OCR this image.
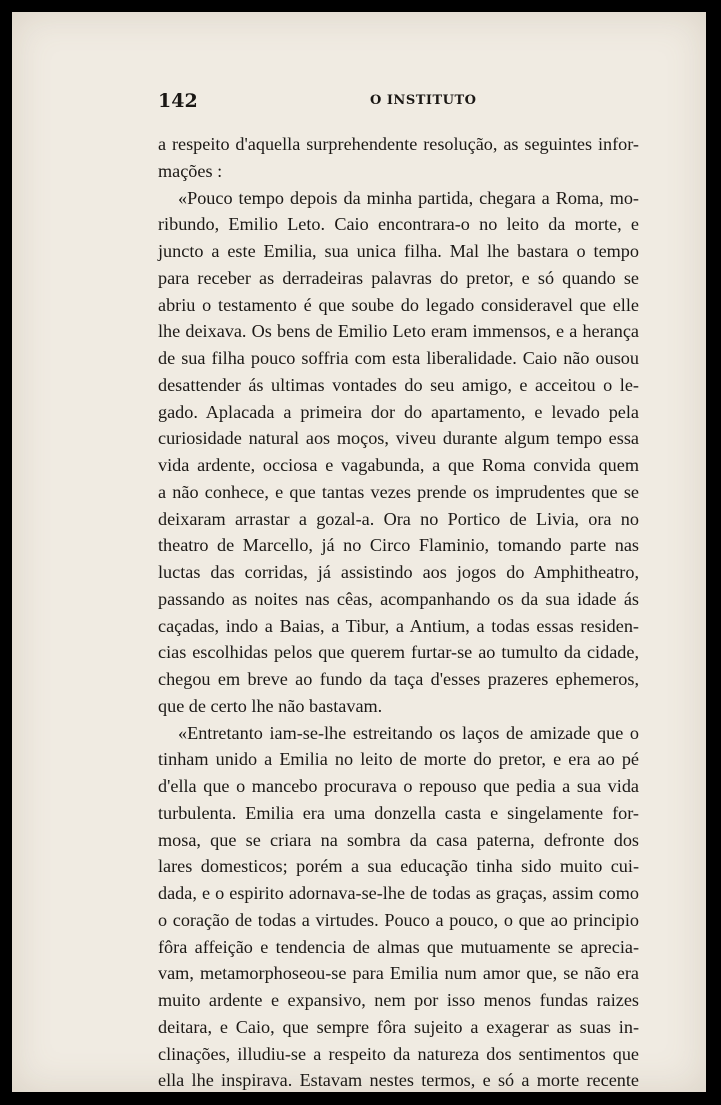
142	O INSTITUTO
a respeito d'aquella surprehendente resolução, as seguintes infor-
mações :
«Pouco tempo depois da minha partida, chegara a Roma, mo-
ribundo, Emilio Leto. Caio encontrara-o no leito da morte, e
juncto a este Emilia, sua unica filha. Mal lhe bastara o tempo
para receber as derradeiras palavras do pretor, e só quando se
abriu o testamento é que soube do legado consideravel que elle
lhe deixava. Os bens de Emilio Leto eram immensos, e a herança
de sua filha pouco soffria com esta liberalidade. Caio não ousou
desattender ás ultimas vontades do seu amigo, e acceitou o le-
gado. Aplacada a primeira dor do apartamento, e levado pela
curiosidade natural aos moços, viveu durante algum tempo essa
vida ardente, occiosa e vagabunda, a que Roma convida quem
a não conhece, e que tantas vezes prende os imprudentes que se
deixaram arrastar a gozal-a. Ora no Portico de Livia, ora no
theatro de Marcello, já no Circo Flaminio, tomando parte nas
luctas das corridas, já assistindo aos jogos do Amphitheatro,
passando as noites nas cêas, acompanhando os da sua idade ás
caçadas, indo a Baias, a Tibur, a Antium, a todas essas residen-
cias escolhidas pelos que querem furtar-se ao tumulto da cidade,
chegou em breve ao fundo da taça d'esses prazeres ephemeros,
que de certo lhe não bastavam.
«Entretanto iam-se-lhe estreitando os laços de amizade que o
tinham unido a Emilia no leito de morte do pretor, e era ao pé
d'ella que o mancebo procurava o repouso que pedia a sua vida
turbulenta. Emilia era uma donzella casta e singelamente for-
mosa, que se criara na sombra da casa paterna, defronte dos
lares domesticos; porém a sua educação tinha sido muito cui-
dada, e o espirito adornava-se-lhe de todas as graças, assim como
o coração de todas a virtudes. Pouco a pouco, o que ao principio
fôra affeição e tendencia de almas que mutuamente se apreciа-
vam, metamorphoseou-se para Emilia num amor que, se não era
muito ardente e expansivo, nem por isso menos fundas raizes
deitara, e Caio, que sempre fôra sujeito a exagerar as suas in-
clinações, illudiu-se a respeito da natureza dos sentimentos que
ella lhe inspirava. Estavam nestes termos, e só a morte recente
